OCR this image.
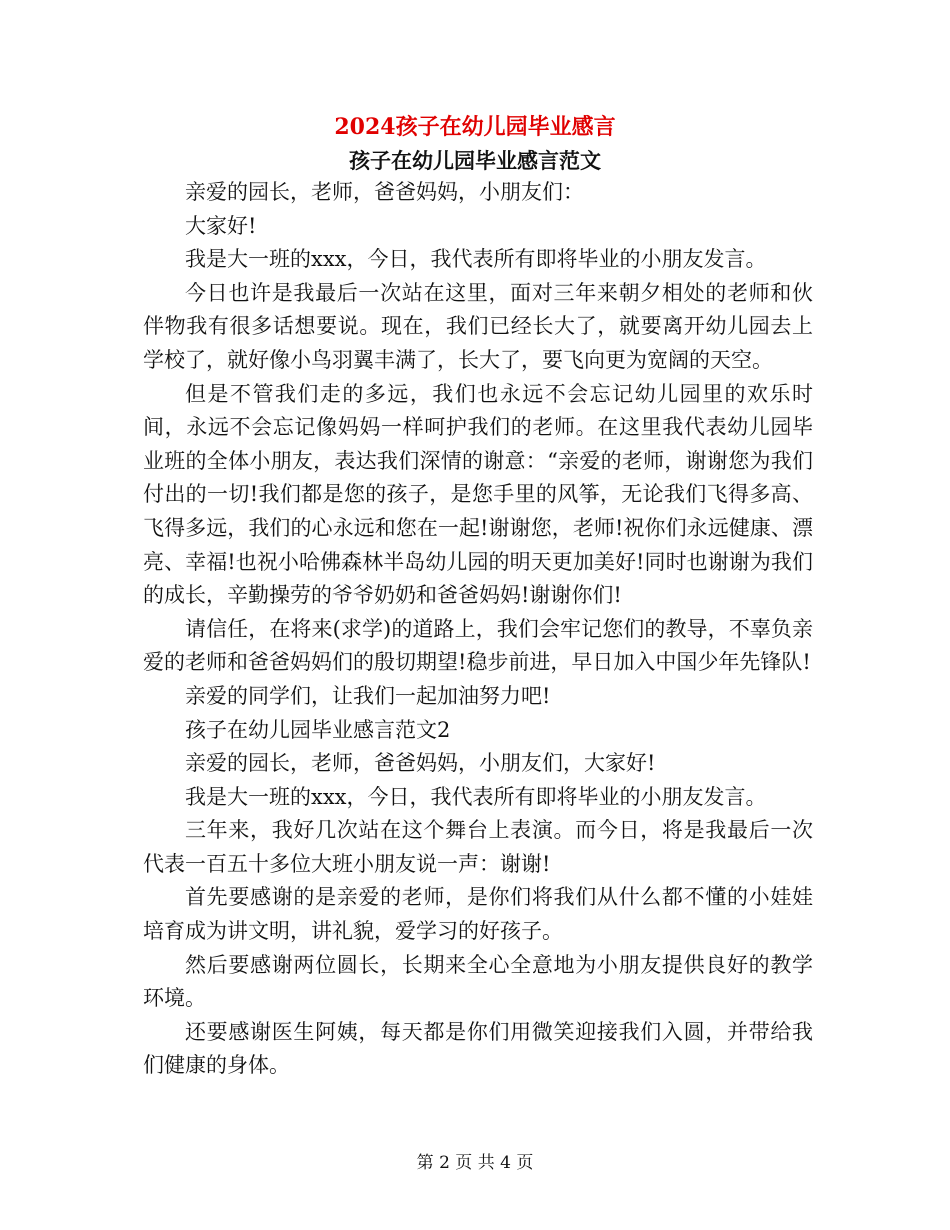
2024孩子在幼儿园毕业感言
孩子在幼儿园毕业感言范文

亲爱的园长，老师，爸爸妈妈，小朋友们：

大家好!

我是大一班的xxx，今日，我代表所有即将毕业的小朋友发言。

今日也许是我最后一次站在这里，面对三年来朝夕相处的老师和伙伴物我有很多话想要说。现在，我们已经长大了，就要离开幼儿园去上学校了，就好像小鸟羽翼丰满了，长大了，要飞向更为宽阔的天空。

但是不管我们走的多远，我们也永远不会忘记幼儿园里的欢乐时间，永远不会忘记像妈妈一样呵护我们的老师。在这里我代表幼儿园毕业班的全体小朋友，表达我们深情的谢意：“亲爱的老师，谢谢您为我们付出的一切!我们都是您的孩子，是您手里的风筝，无论我们飞得多高、飞得多远，我们的心永远和您在一起!谢谢您，老师!祝你们永远健康、漂亮、幸福!也祝小哈佛森林半岛幼儿园的明天更加美好!同时也谢谢为我们的成长，辛勤操劳的爷爷奶奶和爸爸妈妈!谢谢你们!

请信任，在将来(求学)的道路上，我们会牢记您们的教导，不辜负亲爱的老师和爸爸妈妈们的殷切期望!稳步前进，早日加入中国少年先锋队!

亲爱的同学们，让我们一起加油努力吧!

孩子在幼儿园毕业感言范文2

亲爱的园长，老师，爸爸妈妈，小朋友们，大家好!

我是大一班的xxx，今日，我代表所有即将毕业的小朋友发言。

三年来，我好几次站在这个舞台上表演。而今日，将是我最后一次代表一百五十多位大班小朋友说一声：谢谢!

首先要感谢的是亲爱的老师，是你们将我们从什么都不懂的小娃娃培育成为讲文明，讲礼貌，爱学习的好孩子。

然后要感谢两位圆长，长期来全心全意地为小朋友提供良好的教学环境。

还要感谢医生阿姨，每天都是你们用微笑迎接我们入圆，并带给我们健康的身体。

第 2 页 共 4 页
